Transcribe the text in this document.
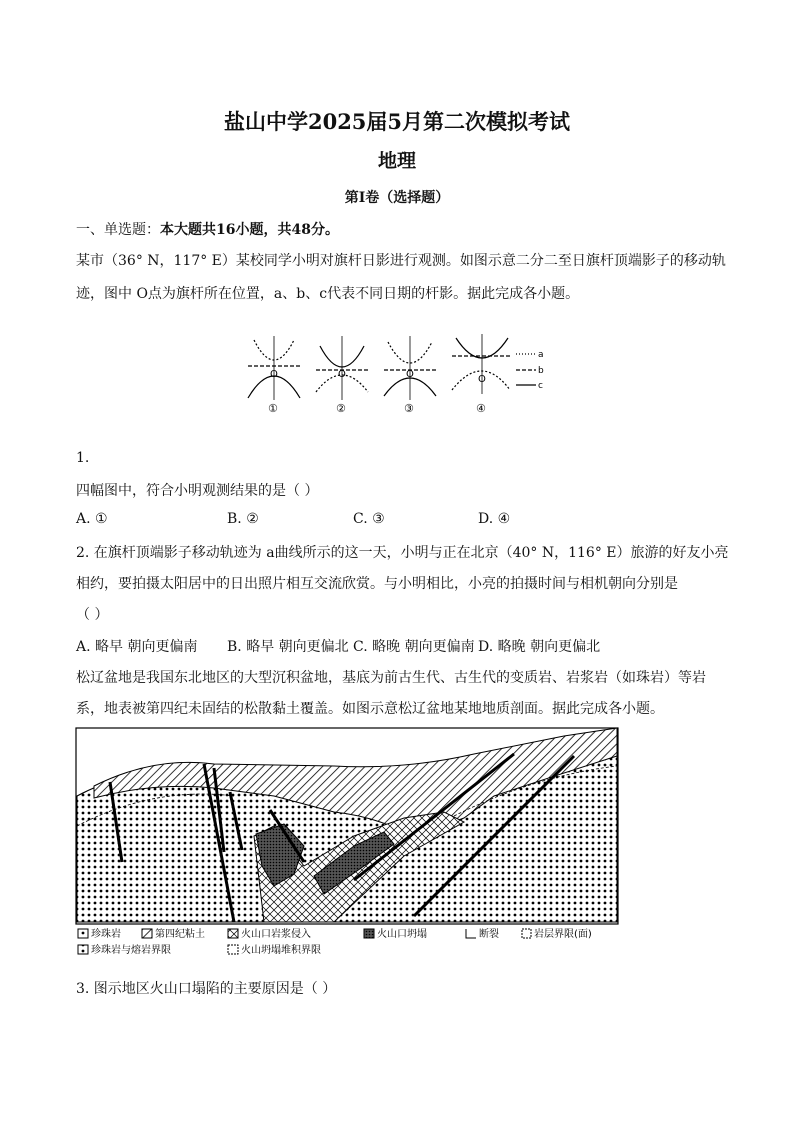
盐山中学2025届5月第二次模拟考试
地理
第I卷（选择题）
一、单选题：本大题共16小题，共48分。
某市（36° N，117° E）某校同学小明对旗杆日影进行观测。如图示意二分二至日旗杆顶端影子的移动轨
迹，图中 O点为旗杆所在位置，a、b、c代表不同日期的杆影。据此完成各小题。
O	O	O	O
a
b
c
①	②	③	④
1.
四幅图中，符合小明观测结果的是（ ）
A. ①	B. ②	C. ③	D. ④
2. 在旗杆顶端影子移动轨迹为 a曲线所示的这一天，小明与正在北京（40° N，116° E）旅游的好友小亮
相约，要拍摄太阳居中的日出照片相互交流欣赏。与小明相比，小亮的拍摄时间与相机朝向分别是
（ ）
A. 略早 朝向更偏南 B. 略早 朝向更偏北 C. 略晚 朝向更偏南 D. 略晚 朝向更偏北
松辽盆地是我国东北地区的大型沉积盆地，基底为前古生代、古生代的变质岩、岩浆岩（如珠岩）等岩
系，地表被第四纪未固结的松散黏土覆盖。如图示意松辽盆地某地地质剖面。据此完成各小题。
珍珠岩	第四纪粘土	火山口岩浆侵入	火山口坍塌	断裂	岩层界限(面)
珍珠岩与熔岩界限	火山坍塌堆积界限
3. 图示地区火山口塌陷的主要原因是（ ）
